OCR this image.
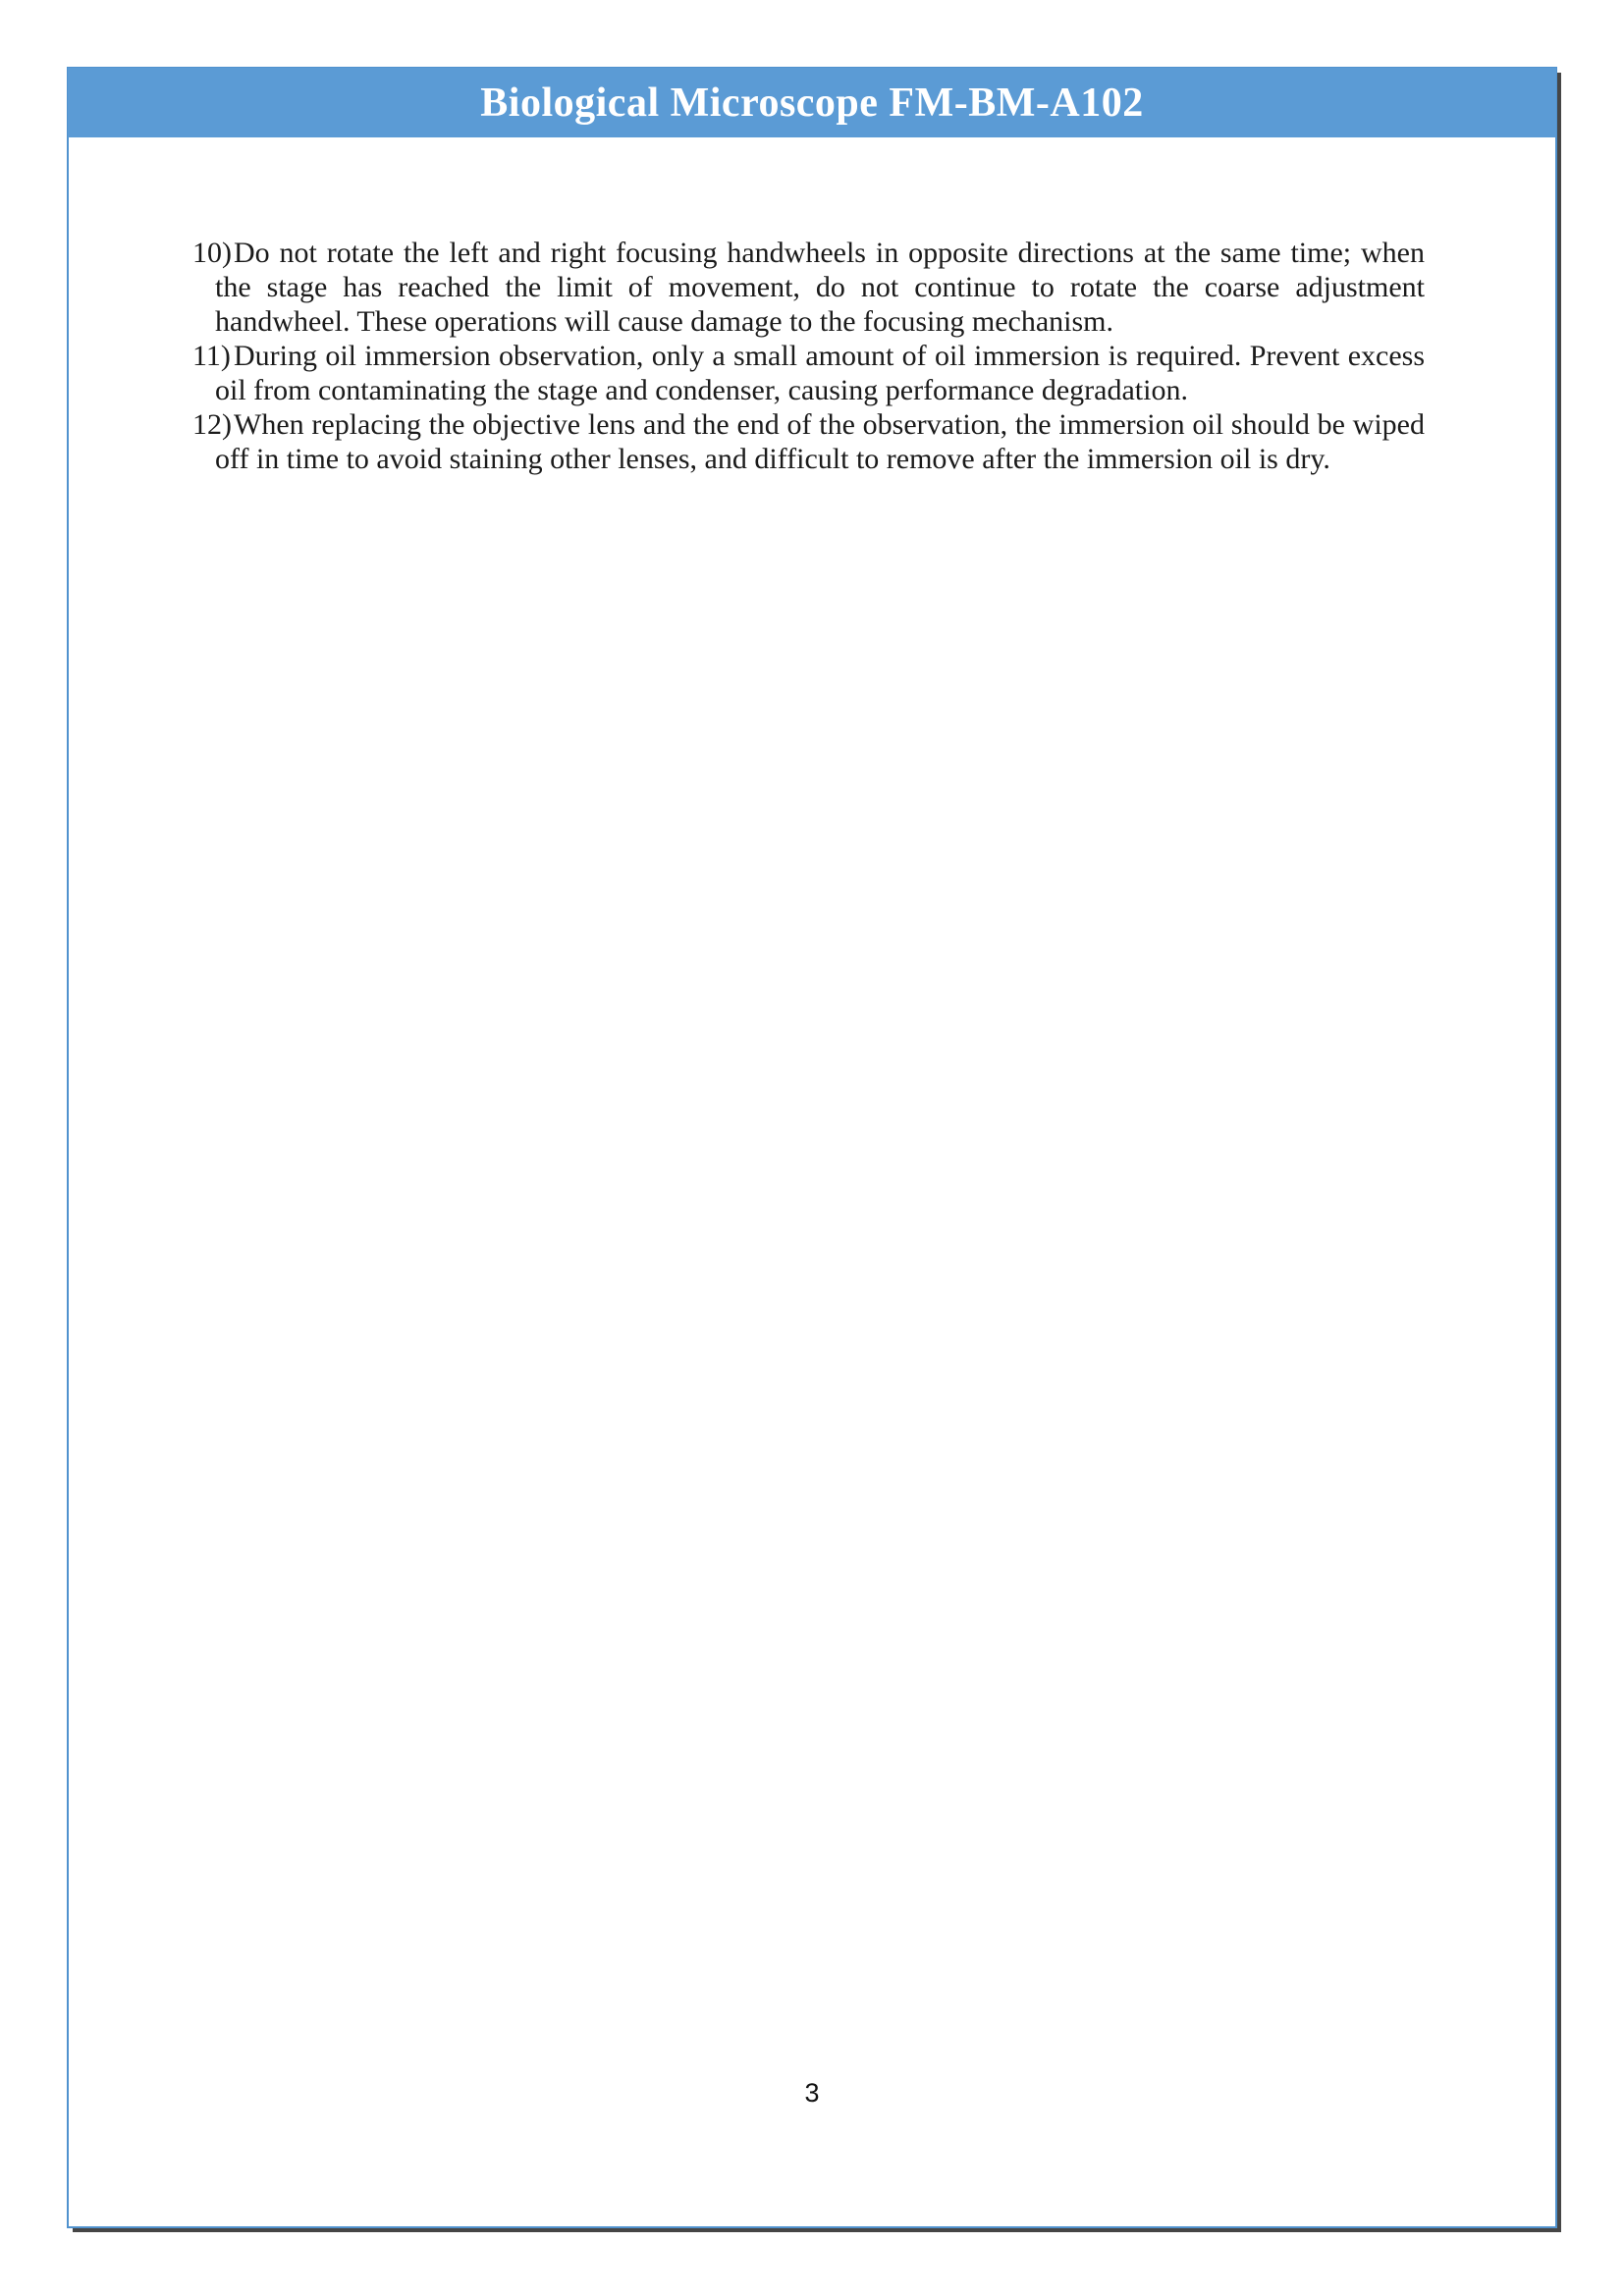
Biological Microscope FM-BM-A102
10) Do not rotate the left and right focusing handwheels in opposite directions at the same time; when the stage has reached the limit of movement, do not continue to rotate the coarse adjustment handwheel. These operations will cause damage to the focusing mechanism.
11) During oil immersion observation, only a small amount of oil immersion is required. Prevent excess oil from contaminating the stage and condenser, causing performance degradation.
12) When replacing the objective lens and the end of the observation, the immersion oil should be wiped off in time to avoid staining other lenses, and difficult to remove after the immersion oil is dry.
3
